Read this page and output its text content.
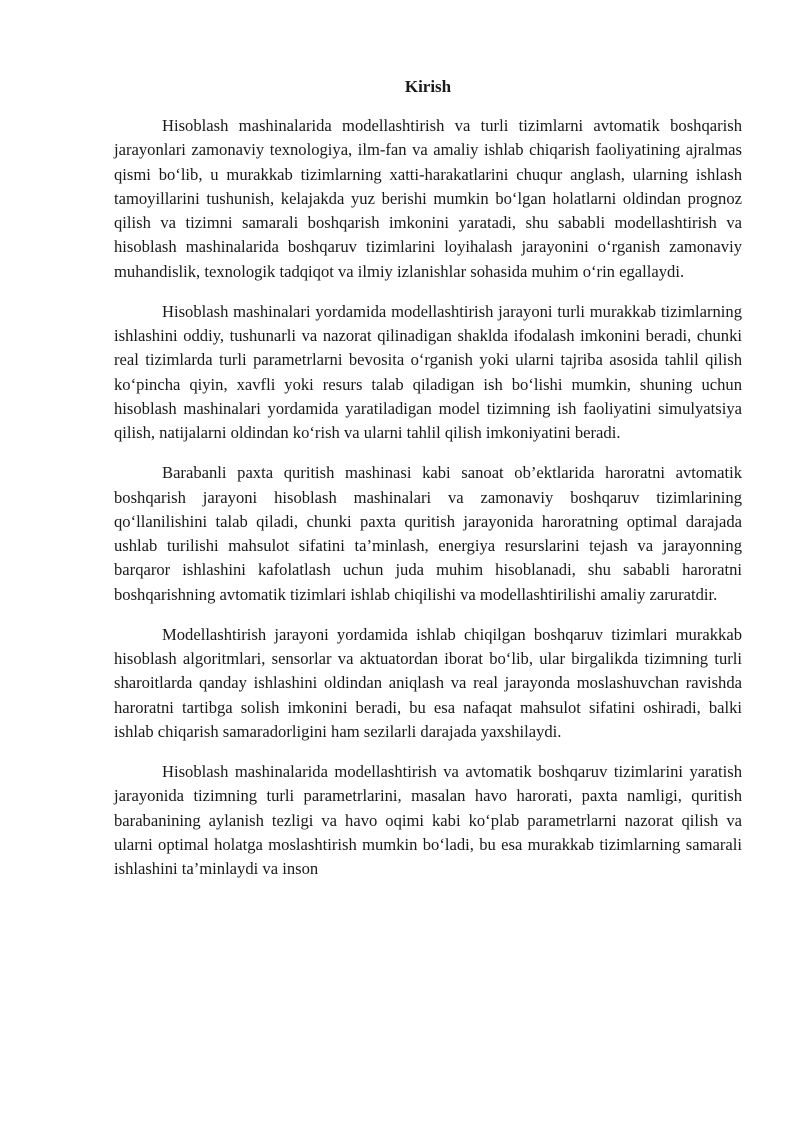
Kirish

Hisoblash mashinalarida modellashtirish va turli tizimlarni avtomatik boshqarish jarayonlari zamonaviy texnologiya, ilm-fan va amaliy ishlab chiqarish faoliyatining ajralmas qismi bo‘lib, u murakkab tizimlarning xatti-harakatlarini chuqur anglash, ularning ishlash tamoyillarini tushunish, kelajakda yuz berishi mumkin bo‘lgan holatlarni oldindan prognoz qilish va tizimni samarali boshqarish imkonini yaratadi, shu sababli modellashtirish va hisoblash mashinalarida boshqaruv tizimlarini loyihalash jarayonini o‘rganish zamonaviy muhandislik, texnologik tadqiqot va ilmiy izlanishlar sohasida muhim o‘rin egallaydi.

Hisoblash mashinalari yordamida modellashtirish jarayoni turli murakkab tizimlarning ishlashini oddiy, tushunarli va nazorat qilinadigan shaklda ifodalash imkonini beradi, chunki real tizimlarda turli parametrlarni bevosita o‘rganish yoki ularni tajriba asosida tahlil qilish ko‘pincha qiyin, xavfli yoki resurs talab qiladigan ish bo‘lishi mumkin, shuning uchun hisoblash mashinalari yordamida yaratiladigan model tizimning ish faoliyatini simulyatsiya qilish, natijalarni oldindan ko‘rish va ularni tahlil qilish imkoniyatini beradi.

Barabanli paxta quritish mashinasi kabi sanoat ob’ektlarida haroratni avtomatik boshqarish jarayoni hisoblash mashinalari va zamonaviy boshqaruv tizimlarining qo‘llanilishini talab qiladi, chunki paxta quritish jarayonida haroratning optimal darajada ushlab turilishi mahsulot sifatini ta’minlash, energiya resurslarini tejash va jarayonning barqaror ishlashini kafolatlash uchun juda muhim hisoblanadi, shu sababli haroratni boshqarishning avtomatik tizimlari ishlab chiqilishi va modellashtirilishi amaliy zaruratdir.

Modellashtirish jarayoni yordamida ishlab chiqilgan boshqaruv tizimlari murakkab hisoblash algoritmlari, sensorlar va aktuatordan iborat bo‘lib, ular birgalikda tizimning turli sharoitlarda qanday ishlashini oldindan aniqlash va real jarayonda moslashuvchan ravishda haroratni tartibga solish imkonini beradi, bu esa nafaqat mahsulot sifatini oshiradi, balki ishlab chiqarish samaradorligini ham sezilarli darajada yaxshilaydi.

Hisoblash mashinalarida modellashtirish va avtomatik boshqaruv tizimlarini yaratish jarayonida tizimning turli parametrlarini, masalan havo harorati, paxta namligi, quritish barabanining aylanish tezligi va havo oqimi kabi ko‘plab parametrlarni nazorat qilish va ularni optimal holatga moslashtirish mumkin bo‘ladi, bu esa murakkab tizimlarning samarali ishlashini ta’minlaydi va inson
